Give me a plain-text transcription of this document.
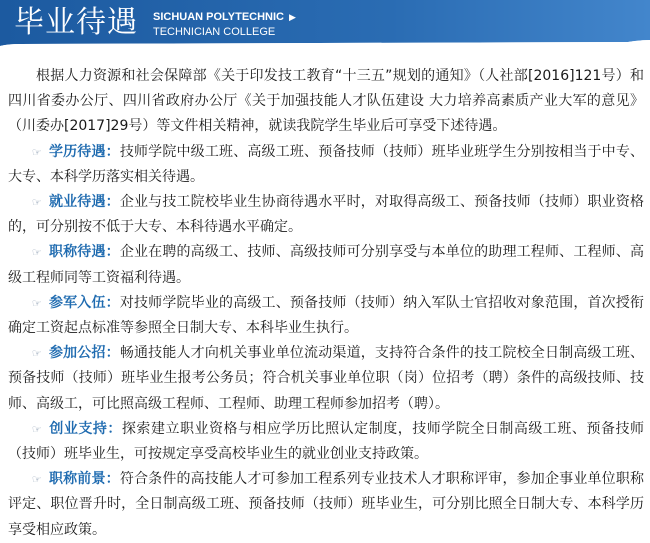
毕业待遇 SICHUAN POLYTECHNIC ▶
TECHNICIAN COLLEGE

根据人力资源和社会保障部《关于印发技工教育“十三五”规划的通知》（人社部[2016]121号）和四川省委办公厅、四川省政府办公厅《关于加强技能人才队伍建设 大力培养高素质产业大军的意见》（川委办[2017]29号）等文件相关精神，就读我院学生毕业后可享受下述待遇。

☞ 学历待遇：技师学院中级工班、高级工班、预备技师（技师）班毕业班学生分别按相当于中专、大专、本科学历落实相关待遇。

☞ 就业待遇：企业与技工院校毕业生协商待遇水平时，对取得高级工、预备技师（技师）职业资格的，可分别按不低于大专、本科待遇水平确定。

☞ 职称待遇：企业在聘的高级工、技师、高级技师可分别享受与本单位的助理工程师、工程师、高级工程师同等工资福利待遇。

☞ 参军入伍：对技师学院毕业的高级工、预备技师（技师）纳入军队士官招收对象范围，首次授衔确定工资起点标准等参照全日制大专、本科毕业生执行。

☞ 参加公招：畅通技能人才向机关事业单位流动渠道，支持符合条件的技工院校全日制高级工班、预备技师（技师）班毕业生报考公务员；符合机关事业单位职（岗）位招考（聘）条件的高级技师、技师、高级工，可比照高级工程师、工程师、助理工程师参加招考（聘）。

☞ 创业支持：探索建立职业资格与相应学历比照认定制度，技师学院全日制高级工班、预备技师（技师）班毕业生，可按规定享受高校毕业生的就业创业支持政策。

☞ 职称前景：符合条件的高技能人才可参加工程系列专业技术人才职称评审，参加企事业单位职称评定、职位晋升时，全日制高级工班、预备技师（技师）班毕业生，可分别比照全日制大专、本科学历享受相应政策。
